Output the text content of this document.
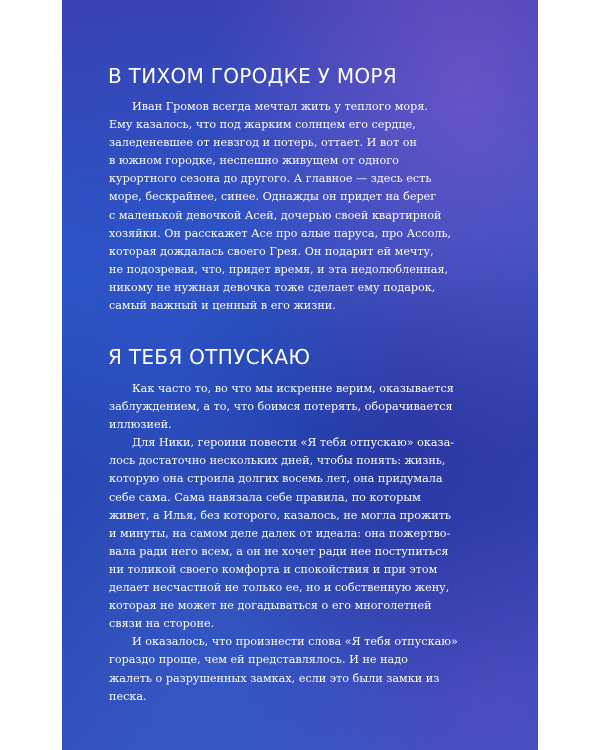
В ТИХОМ ГОРОДКЕ У МОРЯ

Иван Громов всегда мечтал жить у теплого моря.
Ему казалось, что под жарким солнцем его сердце,
заледеневшее от невзгод и потерь, оттает. И вот он
в южном городке, неспешно живущем от одного
курортного сезона до другого. А главное — здесь есть
море, бескрайнее, синее. Однажды он придет на берег
с маленькой девочкой Асей, дочерью своей квартирной
хозяйки. Он расскажет Асе про алые паруса, про Ассоль,
которая дождалась своего Грея. Он подарит ей мечту,
не подозревая, что, придет время, и эта недолюбленная,
никому не нужная девочка тоже сделает ему подарок,
самый важный и ценный в его жизни.

Я ТЕБЯ ОТПУСКАЮ

Как часто то, во что мы искренне верим, оказывается
заблуждением, а то, что боимся потерять, оборачивается
иллюзией.
Для Ники, героини повести «Я тебя отпускаю» оказа-
лось достаточно нескольких дней, чтобы понять: жизнь,
которую она строила долгих восемь лет, она придумала
себе сама. Сама навязала себе правила, по которым
живет, а Илья, без которого, казалось, не могла прожить
и минуты, на самом деле далек от идеала: она пожертво-
вала ради него всем, а он не хочет ради нее поступиться
ни толикой своего комфорта и спокойствия и при этом
делает несчастной не только ее, но и собственную жену,
которая не может не догадываться о его многолетней
связи на стороне.
И оказалось, что произнести слова «Я тебя отпускаю»
гораздо проще, чем ей представлялось. И не надо
жалеть о разрушенных замках, если это были замки из
песка.
